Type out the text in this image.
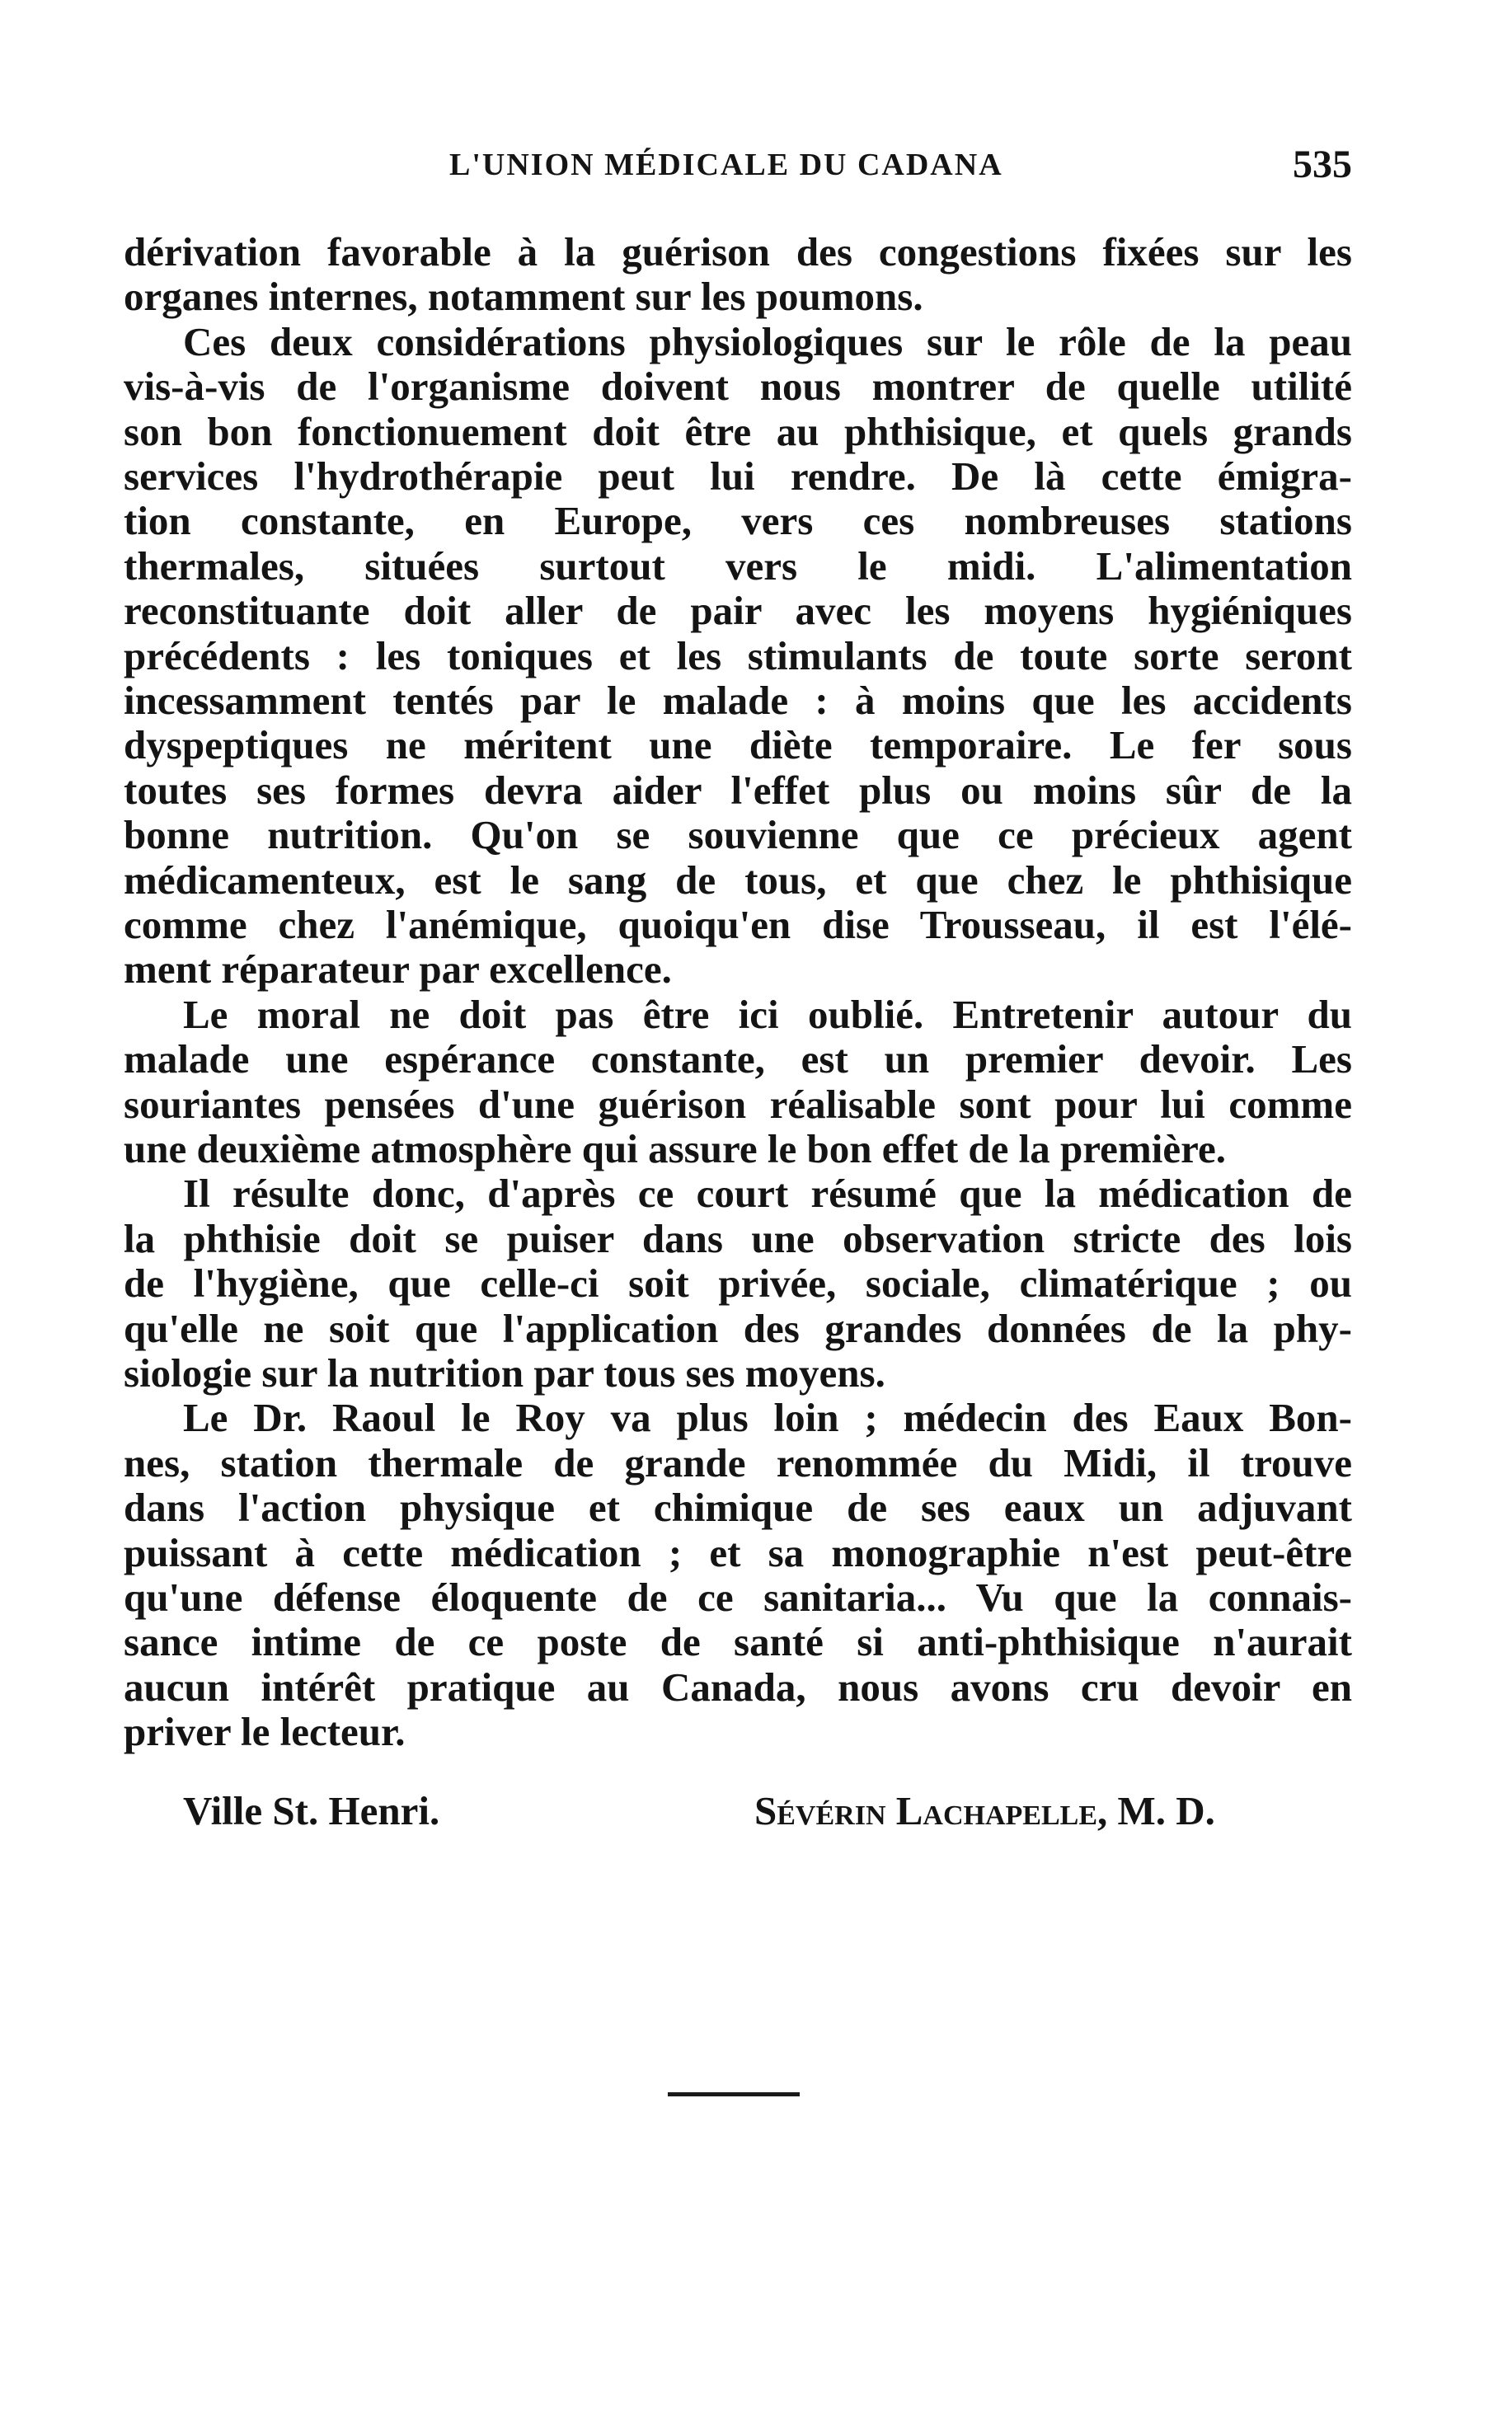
L'UNION MÉDICALE DU CADANA	535
dérivation favorable à la guérison des congestions fixées sur les
organes internes, notamment sur les poumons.
Ces deux considérations physiologiques sur le rôle de la peau
vis-à-vis de l'organisme doivent nous montrer de quelle utilité
son bon fonctionuement doit être au phthisique, et quels grands
services l'hydrothérapie peut lui rendre. De là cette émigra-
tion constante, en Europe, vers ces nombreuses stations
thermales, situées surtout vers le midi. L'alimentation
reconstituante doit aller de pair avec les moyens hygiéniques
précédents : les toniques et les stimulants de toute sorte seront
incessamment tentés par le malade : à moins que les accidents
dyspeptiques ne méritent une diète temporaire. Le fer sous
toutes ses formes devra aider l'effet plus ou moins sûr de la
bonne nutrition. Qu'on se souvienne que ce précieux agent
médicamenteux, est le sang de tous, et que chez le phthisique
comme chez l'anémique, quoiqu'en dise Trousseau, il est l'élé-
ment réparateur par excellence.
Le moral ne doit pas être ici oublié. Entretenir autour du
malade une espérance constante, est un premier devoir. Les
souriantes pensées d'une guérison réalisable sont pour lui comme
une deuxième atmosphère qui assure le bon effet de la première.
Il résulte donc, d'après ce court résumé que la médication de
la phthisie doit se puiser dans une observation stricte des lois
de l'hygiène, que celle-ci soit privée, sociale, climatérique ; ou
qu'elle ne soit que l'application des grandes données de la phy-
siologie sur la nutrition par tous ses moyens.
Le Dr. Raoul le Roy va plus loin ; médecin des Eaux Bon-
nes, station thermale de grande renommée du Midi, il trouve
dans l'action physique et chimique de ses eaux un adjuvant
puissant à cette médication ; et sa monographie n'est peut-être
qu'une défense éloquente de ce sanitaria... Vu que la connais-
sance intime de ce poste de santé si anti-phthisique n'aurait
aucun intérêt pratique au Canada, nous avons cru devoir en
priver le lecteur.
Ville St. Henri.	Sévérin Lachapelle, M. D.
